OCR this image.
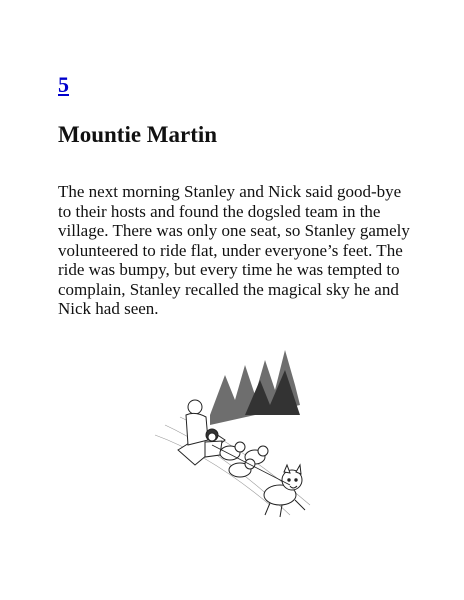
5
Mountie Martin

The next morning Stanley and Nick said good-bye to their hosts and found the dogsled team in the village. There was only one seat, so Stanley gamely volunteered to ride flat, under everyone’s feet. The ride was bumpy, but every time he was tempted to complain, Stanley recalled the magical sky he and Nick had seen.
